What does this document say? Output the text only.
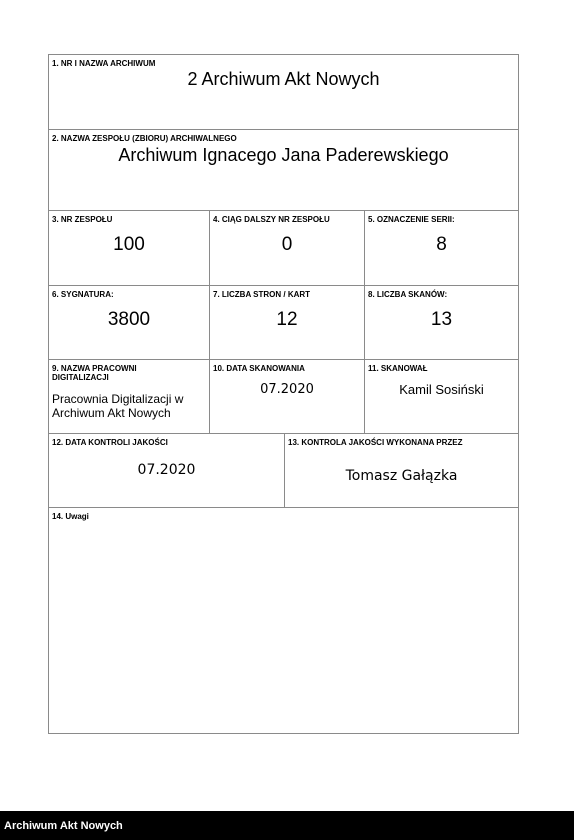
1. NR I NAZWA ARCHIWUM
2 Archiwum Akt Nowych
2. NAZWA ZESPOŁU (ZBIORU) ARCHIWALNEGO
Archiwum Ignacego Jana Paderewskiego
3. NR ZESPOŁU
100
4. CIĄG DALSZY NR ZESPOŁU
0
5. OZNACZENIE SERII:
8
6. SYGNATURA:
3800
7. LICZBA STRON / KART
12
8. LICZBA SKANÓW:
13
9. NAZWA PRACOWNI
DIGITALIZACJI
Pracownia Digitalizacji w
Archiwum Akt Nowych
10. DATA SKANOWANIA
07.2020
11. SKANOWAŁ
Kamil Sosiński
12. DATA KONTROLI JAKOŚCI
07.2020
13. KONTROLA JAKOŚCI WYKONANA PRZEZ
Tomasz Gałązka
14. Uwagi
Archiwum Akt Nowych
